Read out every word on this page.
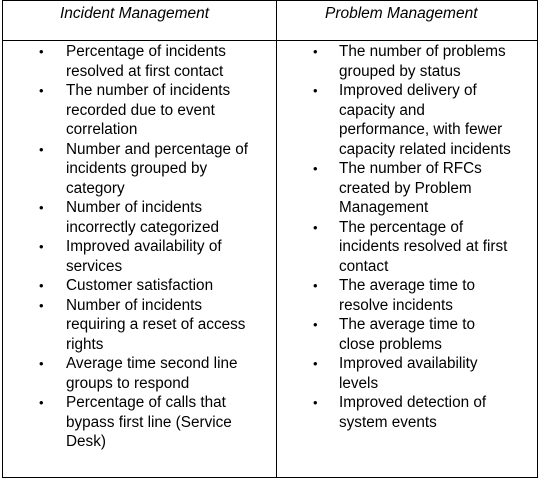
Incident Management	Problem Management
• Percentage of incidents
resolved at first contact
• The number of incidents
recorded due to event
correlation
• Number and percentage of
incidents grouped by
category
• Number of incidents
incorrectly categorized
• Improved availability of
services
• Customer satisfaction
• Number of incidents
requiring a reset of access
rights
• Average time second line
groups to respond
• Percentage of calls that
bypass first line (Service
Desk)
• The number of problems
grouped by status
• Improved delivery of
capacity and
performance, with fewer
capacity related incidents
• The number of RFCs
created by Problem
Management
• The percentage of
incidents resolved at first
contact
• The average time to
resolve incidents
• The average time to
close problems
• Improved availability
levels
• Improved detection of
system events
